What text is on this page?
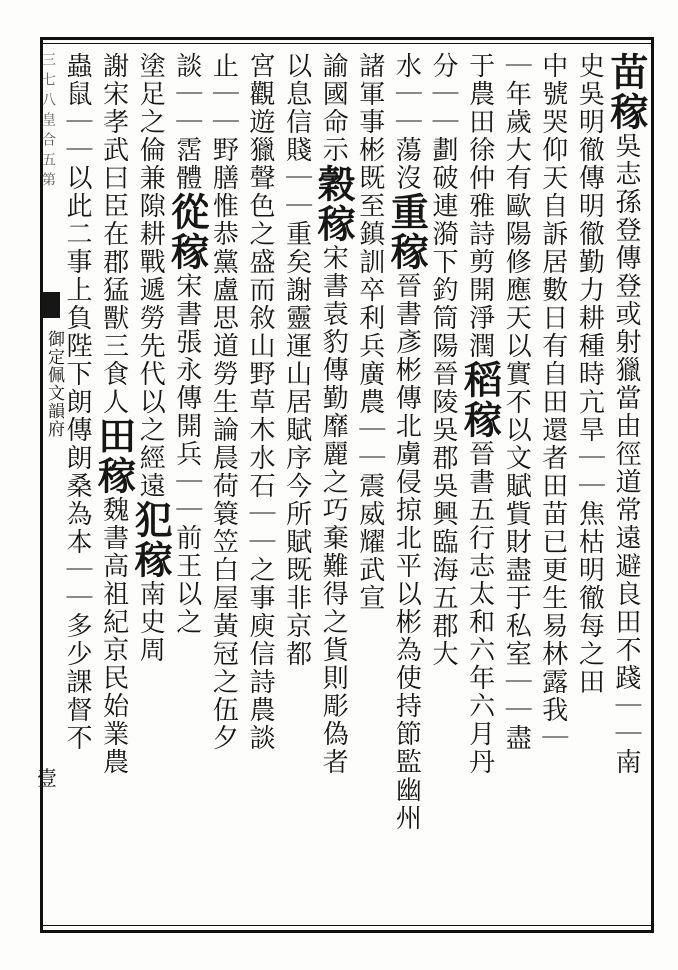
三七八皇合五第
御定佩文韻府
壹
苗稼吳志孫登傳登或射獵當由徑道常遠避良田不踐｜｜南
史吳明徹傳明徹勤力耕種時亢旱｜｜焦枯明徹每之田
中號哭仰天自訴居數日有自田還者田苗已更生易林露我｜
｜年歲大有歐陽修應天以實不以文賦貲財盡于私室｜｜盡
于農田徐仲雅詩剪開淨潤稻稼晉書五行志太和六年六月丹
分｜｜劃破連漪下釣筒陽晉陵吳郡吳興臨海五郡大
水｜｜蕩沒重稼晉書彥彬傳北虜侵掠北平以彬為使持節監幽州
諸軍事彬既至鎮訓卒利兵廣農｜｜震威耀武宣
諭國命示穀稼宋書袁豹傳勤靡麗之巧棄難得之貨則彫偽者
以息信賤｜｜重矣謝靈運山居賦序今所賦既非京都
宮觀遊獵聲色之盛而敘山野草木水石｜｜之事庾信詩農談
止｜｜野膳惟恭黨盧思道勞生論晨荷簑笠白屋黃冠之伍夕
談｜｜霑體從稼宋書張永傳開兵｜｜前王以之
塗足之倫兼隙耕戰遞勞先代以之經遠犯稼南史周
謝宋孝武曰臣在郡猛獸三食人田稼魏書高祖紀京民始業農
蟲鼠｜｜以此二事上負陛下朗傳朗桑為本｜｜多少課督不
